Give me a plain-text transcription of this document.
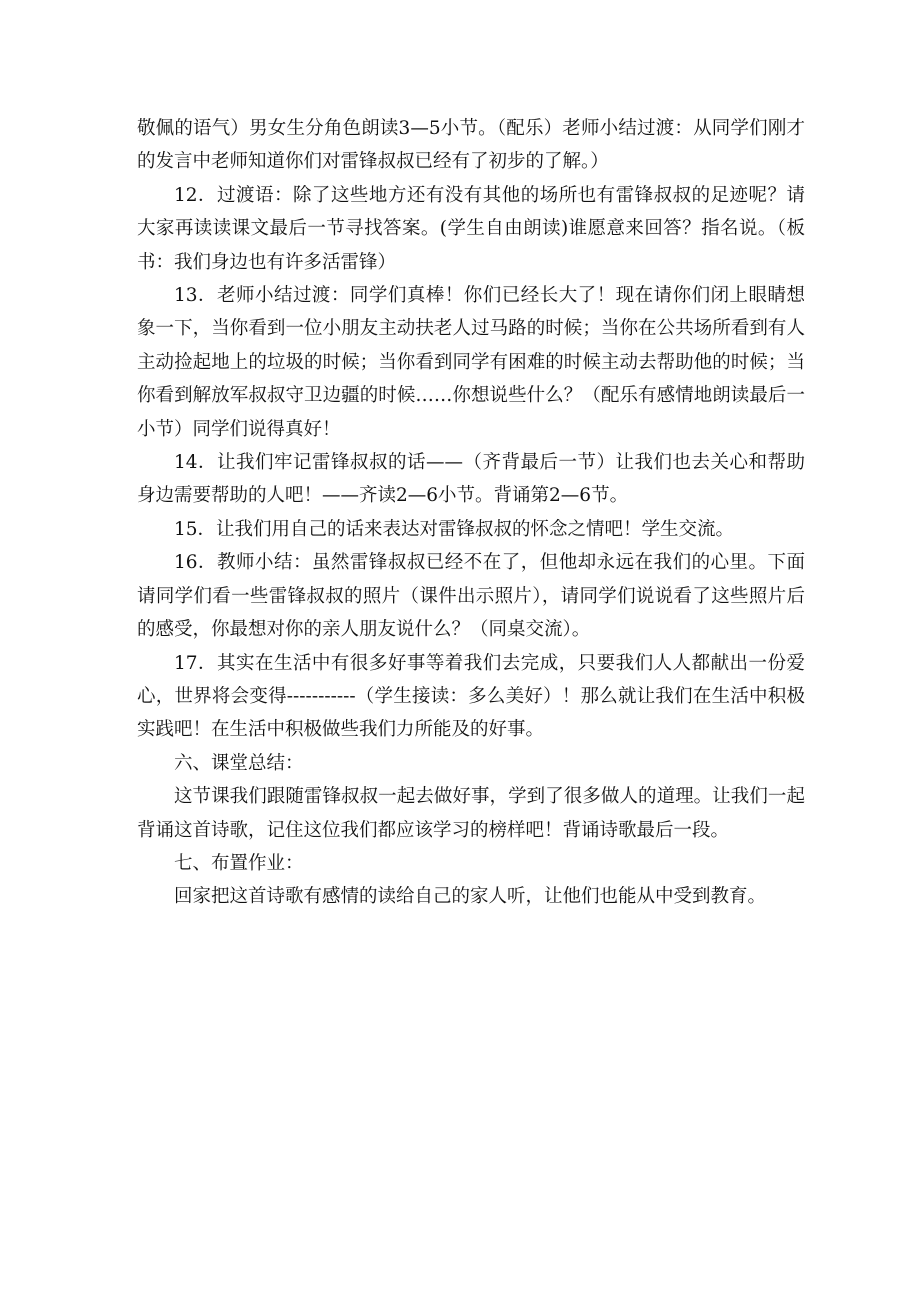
敬佩的语气）男女生分角色朗读3—5小节。（配乐）老师小结过渡：从同学们刚才的发言中老师知道你们对雷锋叔叔已经有了初步的了解。）

12．过渡语：除了这些地方还有没有其他的场所也有雷锋叔叔的足迹呢？请大家再读读课文最后一节寻找答案。(学生自由朗读)谁愿意来回答？指名说。（板书：我们身边也有许多活雷锋）

13．老师小结过渡：同学们真棒！你们已经长大了！现在请你们闭上眼睛想象一下，当你看到一位小朋友主动扶老人过马路的时候；当你在公共场所看到有人主动捡起地上的垃圾的时候；当你看到同学有困难的时候主动去帮助他的时候；当你看到解放军叔叔守卫边疆的时候……你想说些什么？（配乐有感情地朗读最后一小节）同学们说得真好！

14．让我们牢记雷锋叔叔的话——（齐背最后一节）让我们也去关心和帮助身边需要帮助的人吧！——齐读2—6小节。背诵第2—6节。

15．让我们用自己的话来表达对雷锋叔叔的怀念之情吧！学生交流。

16．教师小结：虽然雷锋叔叔已经不在了，但他却永远在我们的心里。下面请同学们看一些雷锋叔叔的照片（课件出示照片），请同学们说说看了这些照片后的感受，你最想对你的亲人朋友说什么？（同桌交流）。

17．其实在生活中有很多好事等着我们去完成，只要我们人人都献出一份爱心，世界将会变得-----------（学生接读：多么美好）！那么就让我们在生活中积极实践吧！在生活中积极做些我们力所能及的好事。

六、课堂总结：

这节课我们跟随雷锋叔叔一起去做好事，学到了很多做人的道理。让我们一起背诵这首诗歌，记住这位我们都应该学习的榜样吧！背诵诗歌最后一段。

七、布置作业：

回家把这首诗歌有感情的读给自己的家人听，让他们也能从中受到教育。
